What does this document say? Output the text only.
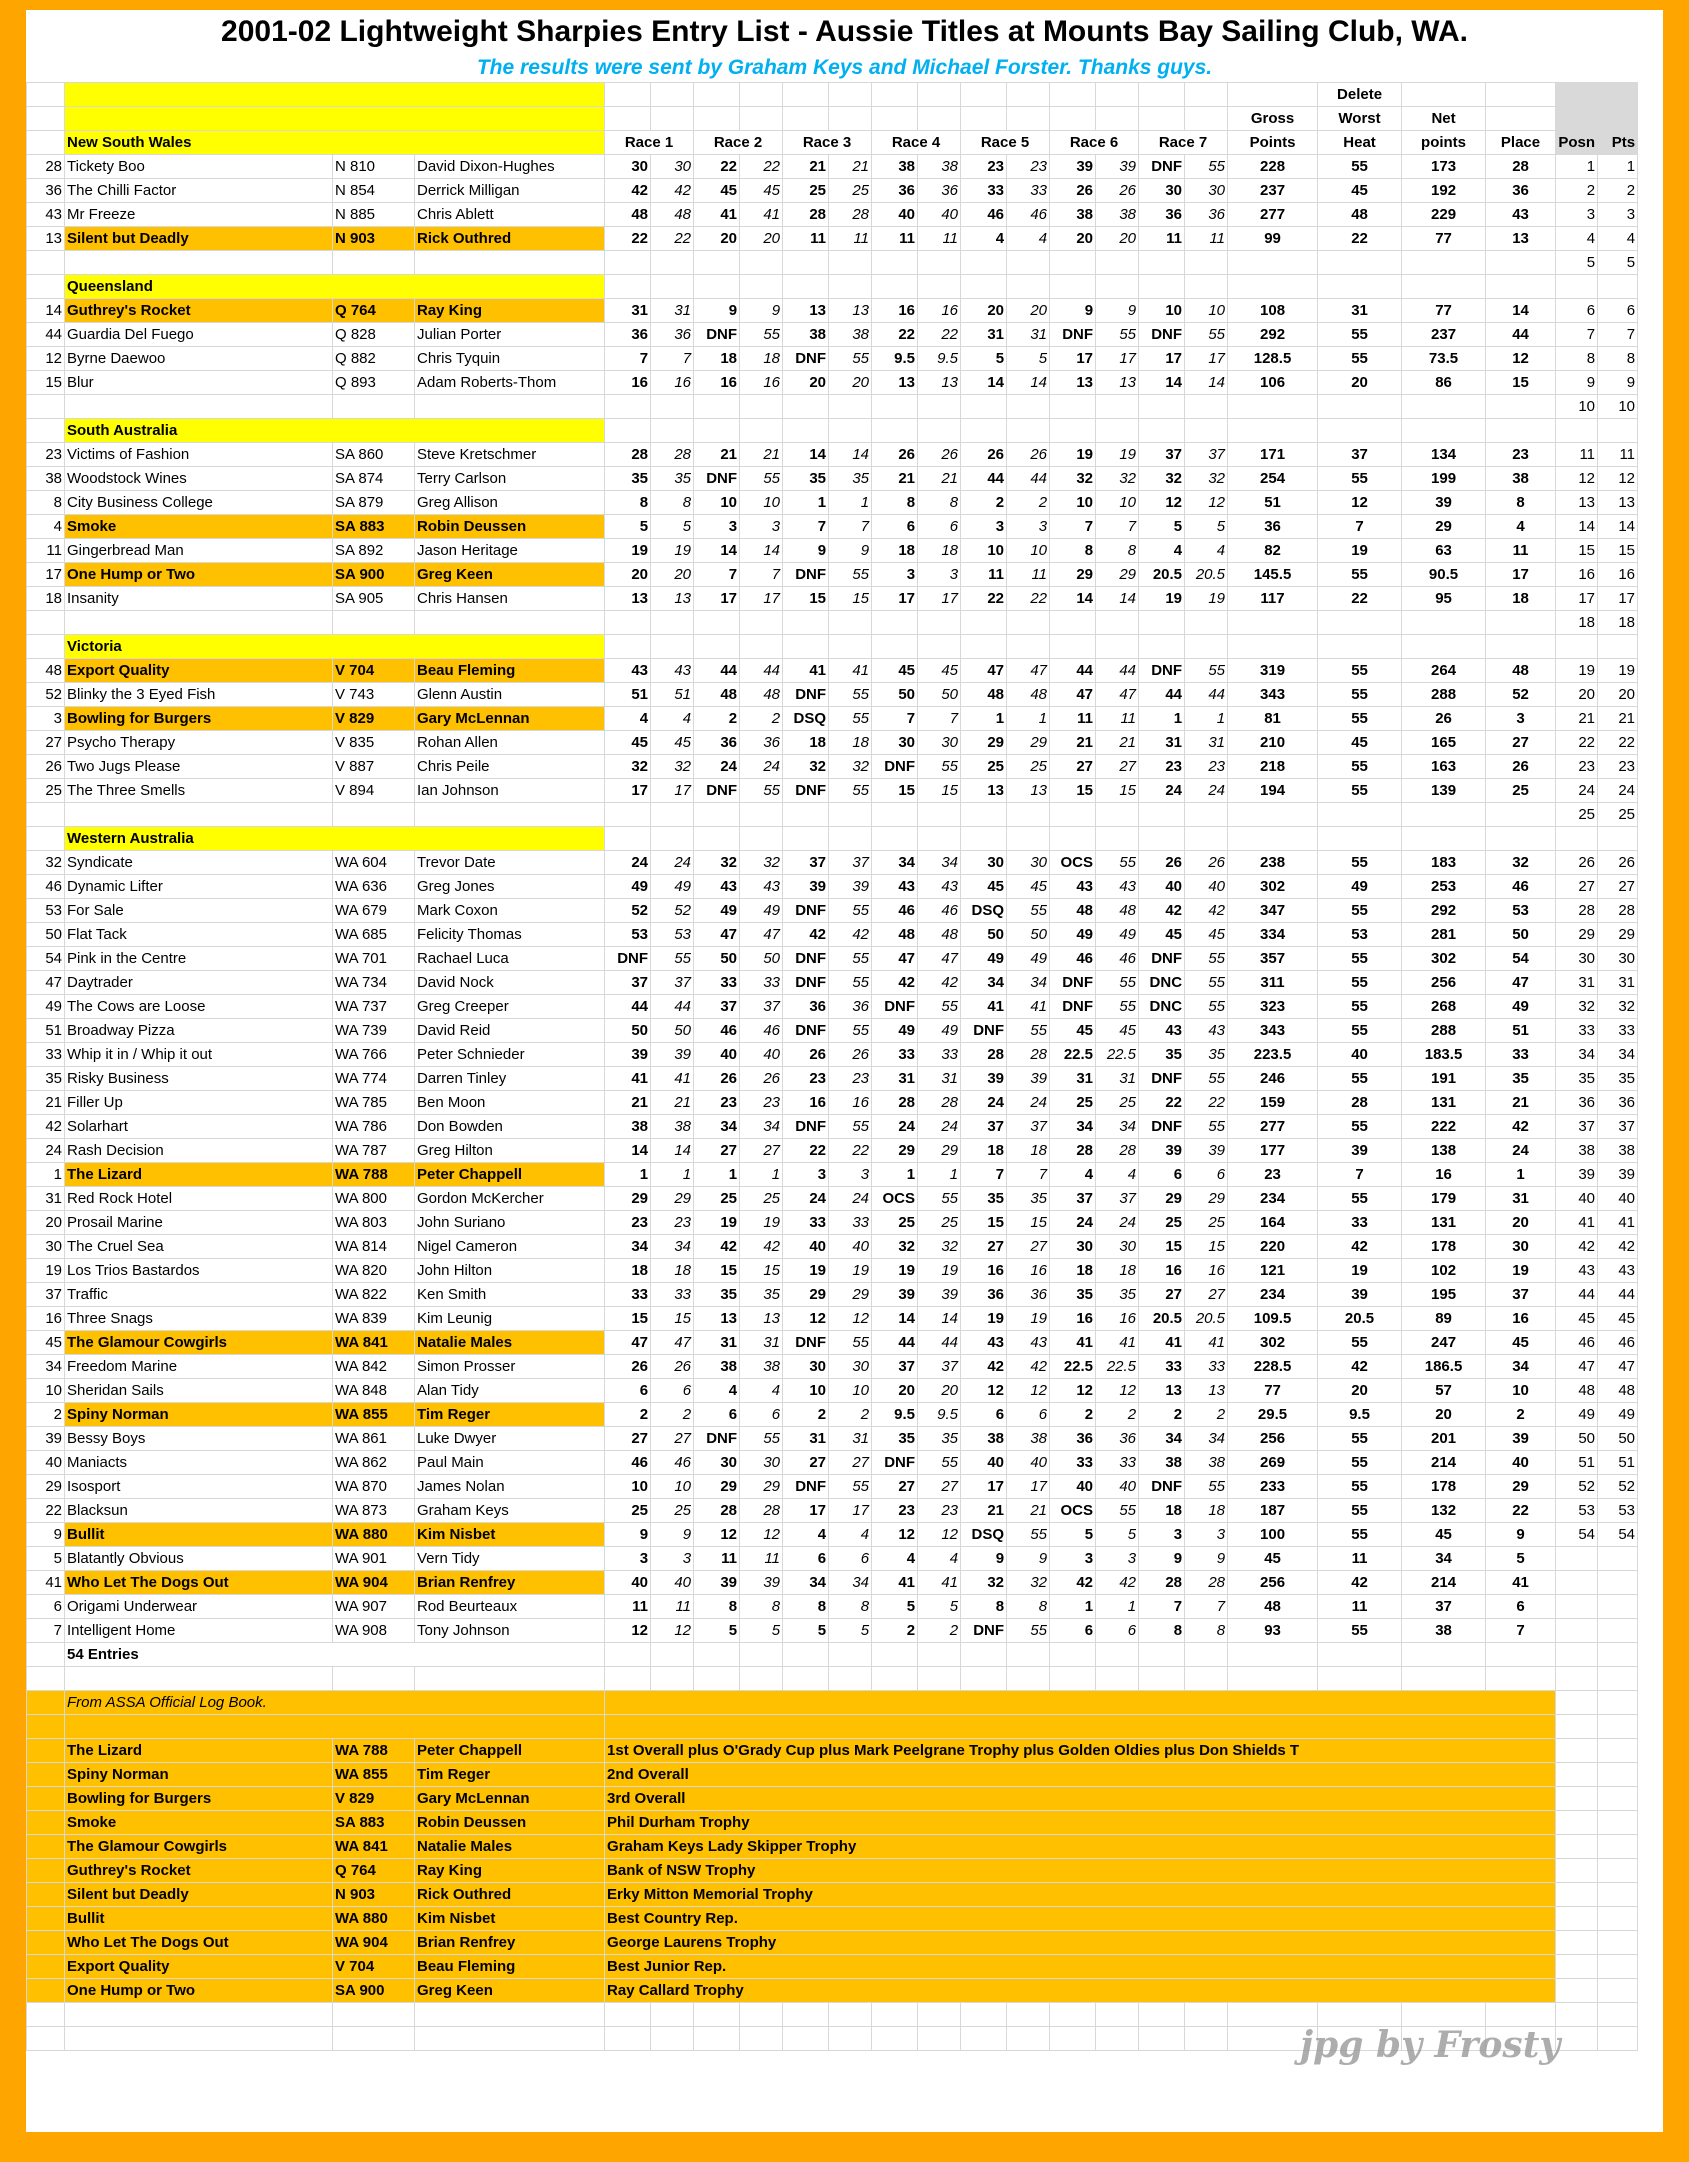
2001-02 Lightweight Sharpies Entry List - Aussie Titles at Mounts Bay Sailing Club, WA.
The results were sent by Graham Keys and Michael Forster. Thanks guys.
																			Delete				
																		Gross	Worst	Net			
	New South Wales			Race 1		Race 2		Race 3		Race 4		Race 5		Race 6		Race 7		Points	Heat	points	Place	Posn	Pts
28	Tickety Boo	N 810	David Dixon-Hughes	30	30	22	22	21	21	38	38	23	23	39	39	DNF	55	228	55	173	28	1	1
36	The Chilli Factor	N 854	Derrick Milligan	42	42	45	45	25	25	36	36	33	33	26	26	30	30	237	45	192	36	2	2
43	Mr Freeze	N 885	Chris Ablett	48	48	41	41	28	28	40	40	46	46	38	38	36	36	277	48	229	43	3	3
13	Silent but Deadly	N 903	Rick Outhred	22	22	20	20	11	11	11	11	4	4	20	20	11	11	99	22	77	13	4	4
																						5	5
	Queensland																						
14	Guthrey's Rocket	Q 764	Ray King	31	31	9	9	13	13	16	16	20	20	9	9	10	10	108	31	77	14	6	6
44	Guardia Del Fuego	Q 828	Julian Porter	36	36	DNF	55	38	38	22	22	31	31	DNF	55	DNF	55	292	55	237	44	7	7
12	Byrne Daewoo	Q 882	Chris Tyquin	7	7	18	18	DNF	55	9.5	9.5	5	5	17	17	17	17	128.5	55	73.5	12	8	8
15	Blur	Q 893	Adam Roberts-Thom	16	16	16	16	20	20	13	13	14	14	13	13	14	14	106	20	86	15	9	9
																						10	10
	South Australia																						
23	Victims of Fashion	SA 860	Steve Kretschmer	28	28	21	21	14	14	26	26	26	26	19	19	37	37	171	37	134	23	11	11
38	Woodstock Wines	SA 874	Terry Carlson	35	35	DNF	55	35	35	21	21	44	44	32	32	32	32	254	55	199	38	12	12
8	City Business College	SA 879	Greg Allison	8	8	10	10	1	1	8	8	2	2	10	10	12	12	51	12	39	8	13	13
4	Smoke	SA 883	Robin Deussen	5	5	3	3	7	7	6	6	3	3	7	7	5	5	36	7	29	4	14	14
11	Gingerbread Man	SA 892	Jason Heritage	19	19	14	14	9	9	18	18	10	10	8	8	4	4	82	19	63	11	15	15
17	One Hump or Two	SA 900	Greg Keen	20	20	7	7	DNF	55	3	3	11	11	29	29	20.5	20.5	145.5	55	90.5	17	16	16
18	Insanity	SA 905	Chris Hansen	13	13	17	17	15	15	17	17	22	22	14	14	19	19	117	22	95	18	17	17
																						18	18
	Victoria																						
48	Export Quality	V 704	Beau Fleming	43	43	44	44	41	41	45	45	47	47	44	44	DNF	55	319	55	264	48	19	19
52	Blinky the 3 Eyed Fish	V 743	Glenn Austin	51	51	48	48	DNF	55	50	50	48	48	47	47	44	44	343	55	288	52	20	20
3	Bowling for Burgers	V 829	Gary McLennan	4	4	2	2	DSQ	55	7	7	1	1	11	11	1	1	81	55	26	3	21	21
27	Psycho Therapy	V 835	Rohan Allen	45	45	36	36	18	18	30	30	29	29	21	21	31	31	210	45	165	27	22	22
26	Two Jugs Please	V 887	Chris Peile	32	32	24	24	32	32	DNF	55	25	25	27	27	23	23	218	55	163	26	23	23
25	The Three Smells	V 894	Ian Johnson	17	17	DNF	55	DNF	55	15	15	13	13	15	15	24	24	194	55	139	25	24	24
																						25	25
	Western Australia																						
32	Syndicate	WA 604	Trevor Date	24	24	32	32	37	37	34	34	30	30	OCS	55	26	26	238	55	183	32	26	26
46	Dynamic Lifter	WA 636	Greg Jones	49	49	43	43	39	39	43	43	45	45	43	43	40	40	302	49	253	46	27	27
53	For Sale	WA 679	Mark Coxon	52	52	49	49	DNF	55	46	46	DSQ	55	48	48	42	42	347	55	292	53	28	28
50	Flat Tack	WA 685	Felicity Thomas	53	53	47	47	42	42	48	48	50	50	49	49	45	45	334	53	281	50	29	29
54	Pink in the Centre	WA 701	Rachael Luca	DNF	55	50	50	DNF	55	47	47	49	49	46	46	DNF	55	357	55	302	54	30	30
47	Daytrader	WA 734	David Nock	37	37	33	33	DNF	55	42	42	34	34	DNF	55	DNC	55	311	55	256	47	31	31
49	The Cows are Loose	WA 737	Greg Creeper	44	44	37	37	36	36	DNF	55	41	41	DNF	55	DNC	55	323	55	268	49	32	32
51	Broadway Pizza	WA 739	David Reid	50	50	46	46	DNF	55	49	49	DNF	55	45	45	43	43	343	55	288	51	33	33
33	Whip it in / Whip it out	WA 766	Peter Schnieder	39	39	40	40	26	26	33	33	28	28	22.5	22.5	35	35	223.5	40	183.5	33	34	34
35	Risky Business	WA 774	Darren Tinley	41	41	26	26	23	23	31	31	39	39	31	31	DNF	55	246	55	191	35	35	35
21	Filler Up	WA 785	Ben Moon	21	21	23	23	16	16	28	28	24	24	25	25	22	22	159	28	131	21	36	36
42	Solarhart	WA 786	Don Bowden	38	38	34	34	DNF	55	24	24	37	37	34	34	DNF	55	277	55	222	42	37	37
24	Rash Decision	WA 787	Greg Hilton	14	14	27	27	22	22	29	29	18	18	28	28	39	39	177	39	138	24	38	38
1	The Lizard	WA 788	Peter Chappell	1	1	1	1	3	3	1	1	7	7	4	4	6	6	23	7	16	1	39	39
31	Red Rock Hotel	WA 800	Gordon McKercher	29	29	25	25	24	24	OCS	55	35	35	37	37	29	29	234	55	179	31	40	40
20	Prosail Marine	WA 803	John Suriano	23	23	19	19	33	33	25	25	15	15	24	24	25	25	164	33	131	20	41	41
30	The Cruel Sea	WA 814	Nigel Cameron	34	34	42	42	40	40	32	32	27	27	30	30	15	15	220	42	178	30	42	42
19	Los Trios Bastardos	WA 820	John Hilton	18	18	15	15	19	19	19	19	16	16	18	18	16	16	121	19	102	19	43	43
37	Traffic	WA 822	Ken Smith	33	33	35	35	29	29	39	39	36	36	35	35	27	27	234	39	195	37	44	44
16	Three Snags	WA 839	Kim Leunig	15	15	13	13	12	12	14	14	19	19	16	16	20.5	20.5	109.5	20.5	89	16	45	45
45	The Glamour Cowgirls	WA 841	Natalie Males	47	47	31	31	DNF	55	44	44	43	43	41	41	41	41	302	55	247	45	46	46
34	Freedom Marine	WA 842	Simon Prosser	26	26	38	38	30	30	37	37	42	42	22.5	22.5	33	33	228.5	42	186.5	34	47	47
10	Sheridan Sails	WA 848	Alan Tidy	6	6	4	4	10	10	20	20	12	12	12	12	13	13	77	20	57	10	48	48
2	Spiny Norman	WA 855	Tim Reger	2	2	6	6	2	2	9.5	9.5	6	6	2	2	2	2	29.5	9.5	20	2	49	49
39	Bessy Boys	WA 861	Luke Dwyer	27	27	DNF	55	31	31	35	35	38	38	36	36	34	34	256	55	201	39	50	50
40	Maniacts	WA 862	Paul Main	46	46	30	30	27	27	DNF	55	40	40	33	33	38	38	269	55	214	40	51	51
29	Isosport	WA 870	James Nolan	10	10	29	29	DNF	55	27	27	17	17	40	40	DNF	55	233	55	178	29	52	52
22	Blacksun	WA 873	Graham Keys	25	25	28	28	17	17	23	23	21	21	OCS	55	18	18	187	55	132	22	53	53
9	Bullit	WA 880	Kim Nisbet	9	9	12	12	4	4	12	12	DSQ	55	5	5	3	3	100	55	45	9	54	54
5	Blatantly Obvious	WA 901	Vern Tidy	3	3	11	11	6	6	4	4	9	9	3	3	9	9	45	11	34	5		
41	Who Let The Dogs Out	WA 904	Brian Renfrey	40	40	39	39	34	34	41	41	32	32	42	42	28	28	256	42	214	41		
6	Origami Underwear	WA 907	Rod Beurteaux	11	11	8	8	8	8	5	5	8	8	1	1	7	7	48	11	37	6		
7	Intelligent Home	WA 908	Tony Johnson	12	12	5	5	5	5	2	2	DNF	55	6	6	8	8	93	55	38	7		
	54 Entries																						

	From ASSA Official Log Book.																						

	The Lizard	WA 788	Peter Chappell	1st Overall plus O'Grady Cup plus Mark Peelgrane Trophy plus Golden Oldies plus Don Shields T																			
	Spiny Norman	WA 855	Tim Reger	2nd Overall																			
	Bowling for Burgers	V 829	Gary McLennan	3rd Overall																			
	Smoke	SA 883	Robin Deussen	Phil Durham Trophy																			
	The Glamour Cowgirls	WA 841	Natalie Males	Graham Keys Lady Skipper Trophy																			
	Guthrey's Rocket	Q 764	Ray King	Bank of NSW Trophy																			
	Silent but Deadly	N 903	Rick Outhred	Erky Mitton Memorial Trophy																			
	Bullit	WA 880	Kim Nisbet	Best Country Rep.																			
	Who Let The Dogs Out	WA 904	Brian Renfrey	George Laurens Trophy																			
	Export Quality	V 704	Beau Fleming	Best Junior Rep.																			
	One Hump or Two	SA 900	Greg Keen	Ray Callard Trophy																			

jpg by Frosty
